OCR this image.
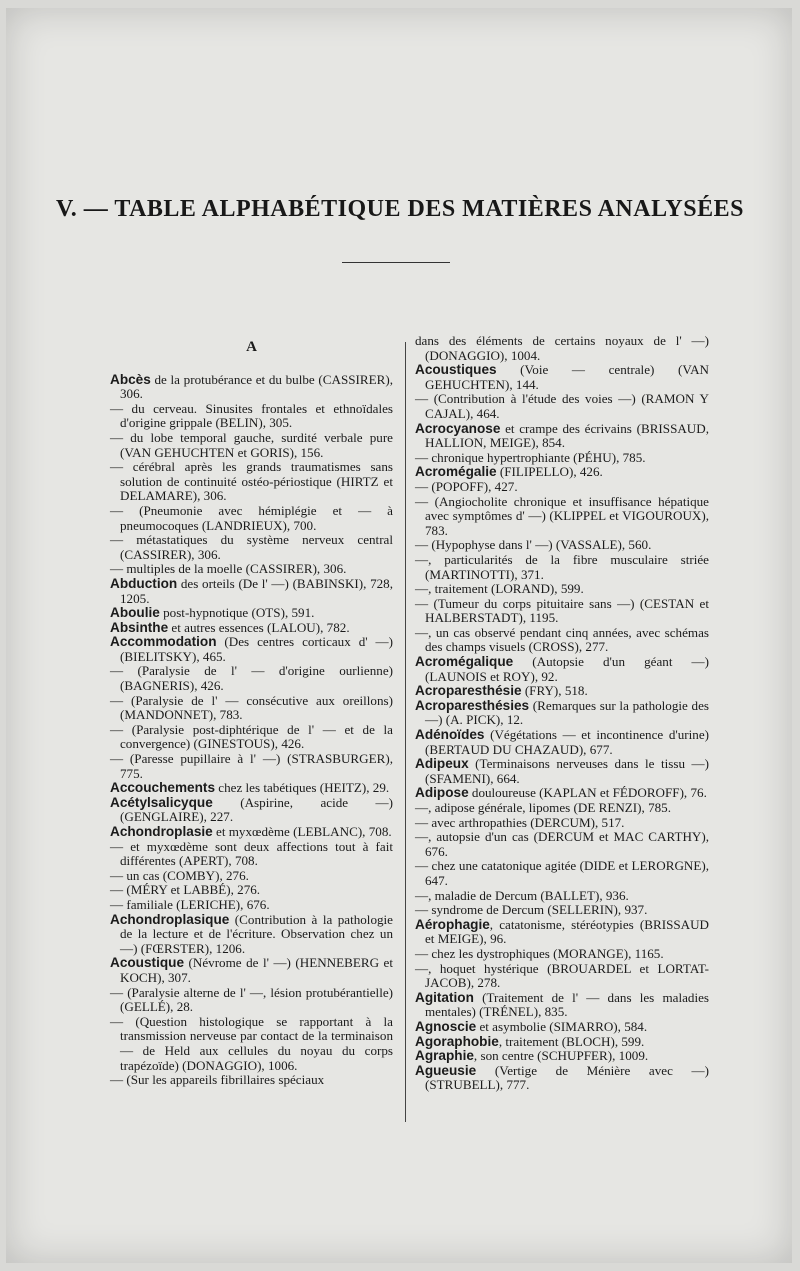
V. — TABLE ALPHABÉTIQUE DES MATIÈRES ANALYSÉES
A

Abcès de la protubérance et du bulbe (CASSIRER), 306.

— du cerveau. Sinusites frontales et ethnoïdales d'origine grippale (BELIN), 305.

— du lobe temporal gauche, surdité verbale pure (VAN GEHUCHTEN et GORIS), 156.

— cérébral après les grands traumatismes sans solution de continuité ostéo-périostique (HIRTZ et DELAMARE), 306.

— (Pneumonie avec hémiplégie et — à pneumocoques (LANDRIEUX), 700.

— métastatiques du système nerveux central (CASSIRER), 306.

— multiples de la moelle (CASSIRER), 306.

Abduction des orteils (De l' —) (BABINSKI), 728, 1205.

Aboulie post-hypnotique (OTS), 591.

Absinthe et autres essences (LALOU), 782.

Accommodation (Des centres corticaux d' —) (BIELITSKY), 465.

— (Paralysie de l' — d'origine ourlienne) (BAGNERIS), 426.

— (Paralysie de l' — consécutive aux oreillons) (MANDONNET), 783.

— (Paralysie post-diphtérique de l' — et de la convergence) (GINESTOUS), 426.

— (Paresse pupillaire à l' —) (STRASBURGER), 775.

Accouchements chez les tabétiques (HEITZ), 29.

Acétylsalicyque (Aspirine, acide —) (GENGLAIRE), 227.

Achondroplasie et myxœdème (LEBLANC), 708.

— et myxœdème sont deux affections tout à fait différentes (APERT), 708.

— un cas (COMBY), 276.

— (MÉRY et LABBÉ), 276.

— familiale (LERICHE), 676.

Achondroplasique (Contribution à la pathologie de la lecture et de l'écriture. Observation chez un —) (FŒRSTER), 1206.

Acoustique (Névrome de l' —) (HENNEBERG et KOCH), 307.

— (Paralysie alterne de l' —, lésion protubérantielle) (GELLÉ), 28.

— (Question histologique se rapportant à la transmission nerveuse par contact de la terminaison — de Held aux cellules du noyau du corps trapézoïde) (DONAGGIO), 1006.

— (Sur les appareils fibrillaires spéciaux

dans des éléments de certains noyaux de l' —) (DONAGGIO), 1004.

Acoustiques (Voie — centrale) (VAN GEHUCHTEN), 144.

— (Contribution à l'étude des voies —) (RAMON Y CAJAL), 464.

Acrocyanose et crampe des écrivains (BRISSAUD, HALLION, MEIGE), 854.

— chronique hypertrophiante (PÉHU), 785.

Acromégalie (FILIPELLO), 426.

— (POPOFF), 427.

— (Angiocholite chronique et insuffisance hépatique avec symptômes d' —) (KLIPPEL et VIGOUROUX), 783.

— (Hypophyse dans l' —) (VASSALE), 560.

—, particularités de la fibre musculaire striée (MARTINOTTI), 371.

—, traitement (LORAND), 599.

— (Tumeur du corps pituitaire sans —) (CESTAN et HALBERSTADT), 1195.

—, un cas observé pendant cinq années, avec schémas des champs visuels (CROSS), 277.

Acromégalique (Autopsie d'un géant —) (LAUNOIS et ROY), 92.

Acroparesthésie (FRY), 518.

Acroparesthésies (Remarques sur la pathologie des —) (A. PICK), 12.

Adénoïdes (Végétations — et incontinence d'urine) (BERTAUD DU CHAZAUD), 677.

Adipeux (Terminaisons nerveuses dans le tissu —) (SFAMENI), 664.

Adipose douloureuse (KAPLAN et FÉDOROFF), 76.

—, adipose générale, lipomes (DE RENZI), 785.

— avec arthropathies (DERCUM), 517.

—, autopsie d'un cas (DERCUM et MAC CARTHY), 676.

— chez une catatonique agitée (DIDE et LERORGNE), 647.

—, maladie de Dercum (BALLET), 936.

— syndrome de Dercum (SELLERIN), 937.

Aérophagie, catatonisme, stéréotypies (BRISSAUD et MEIGE), 96.

— chez les dystrophiques (MORANGE), 1165.

—, hoquet hystérique (BROUARDEL et LORTAT-JACOB), 278.

Agitation (Traitement de l' — dans les maladies mentales) (TRÉNEL), 835.

Agnoscie et asymbolie (SIMARRO), 584.

Agoraphobie, traitement (BLOCH), 599.

Agraphie, son centre (SCHUPFER), 1009.

Agueusie (Vertige de Ménière avec —) (STRUBELL), 777.
